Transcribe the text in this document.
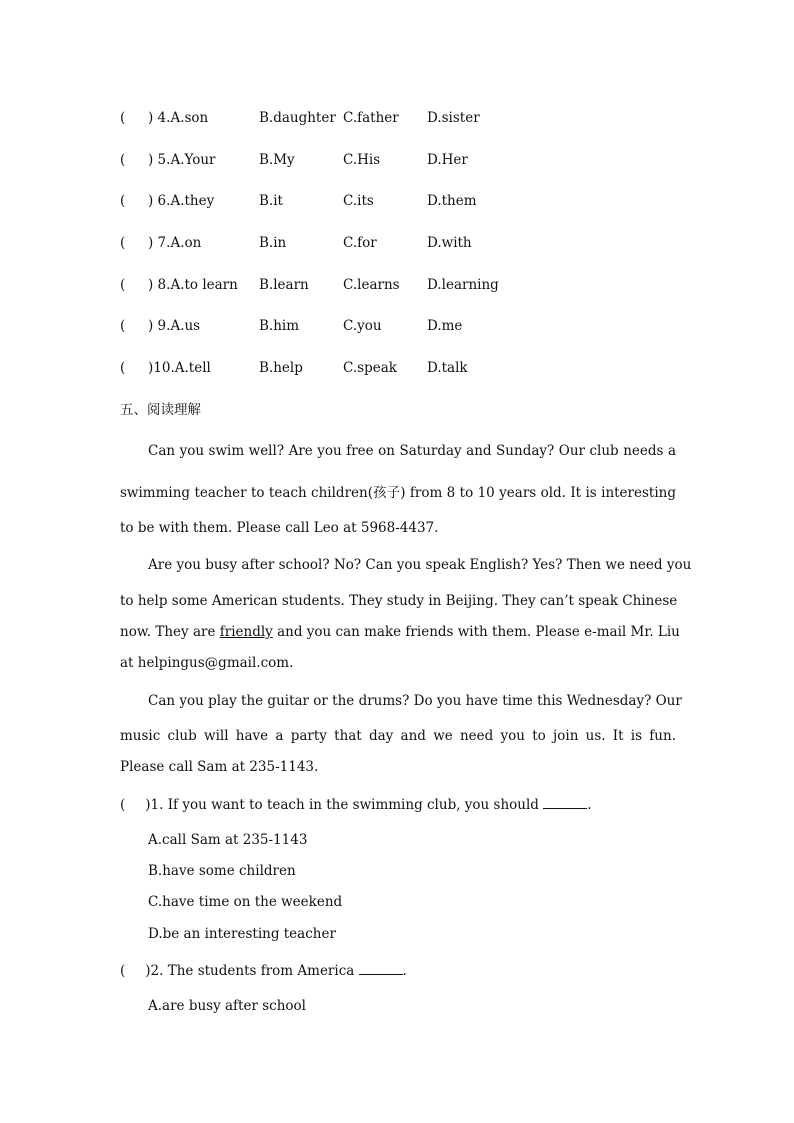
( ) 4.A.son	B.daughter C.father D.sister
( ) 5.A.Your	B.My	C.His	D.Her
( ) 6.A.they	B.it	C.its	D.them
( ) 7.A.on	B.in	C.for	D.with
( ) 8.A.to learn B.learn	C.learns D.learning
( ) 9.A.us	B.him	C.you	D.me
( )10.A.tell	B.help	C.speak D.talk
五、阅读理解
Can you swim well? Are you free on Saturday and Sunday? Our club needs a
swimming teacher to teach children(孩子) from 8 to 10 years old. It is interesting
to be with them. Please call Leo at 5968-4437.
Are you busy after school? No? Can you speak English? Yes? Then we need you
to help some American students. They study in Beijing. They can’t speak Chinese
now. They are friendly and you can make friends with them. Please e-mail Mr. Liu
at helpingus@gmail.com.
Can you play the guitar or the drums? Do you have time this Wednesday? Our
music club will have a party that day and we need you to join us. It is fun.
Please call Sam at 235-1143.
( )1. If you want to teach in the swimming club, you should	.
A.call Sam at 235-1143
B.have some children
C.have time on the weekend
D.be an interesting teacher
( )2. The students from America	.
A.are busy after school
